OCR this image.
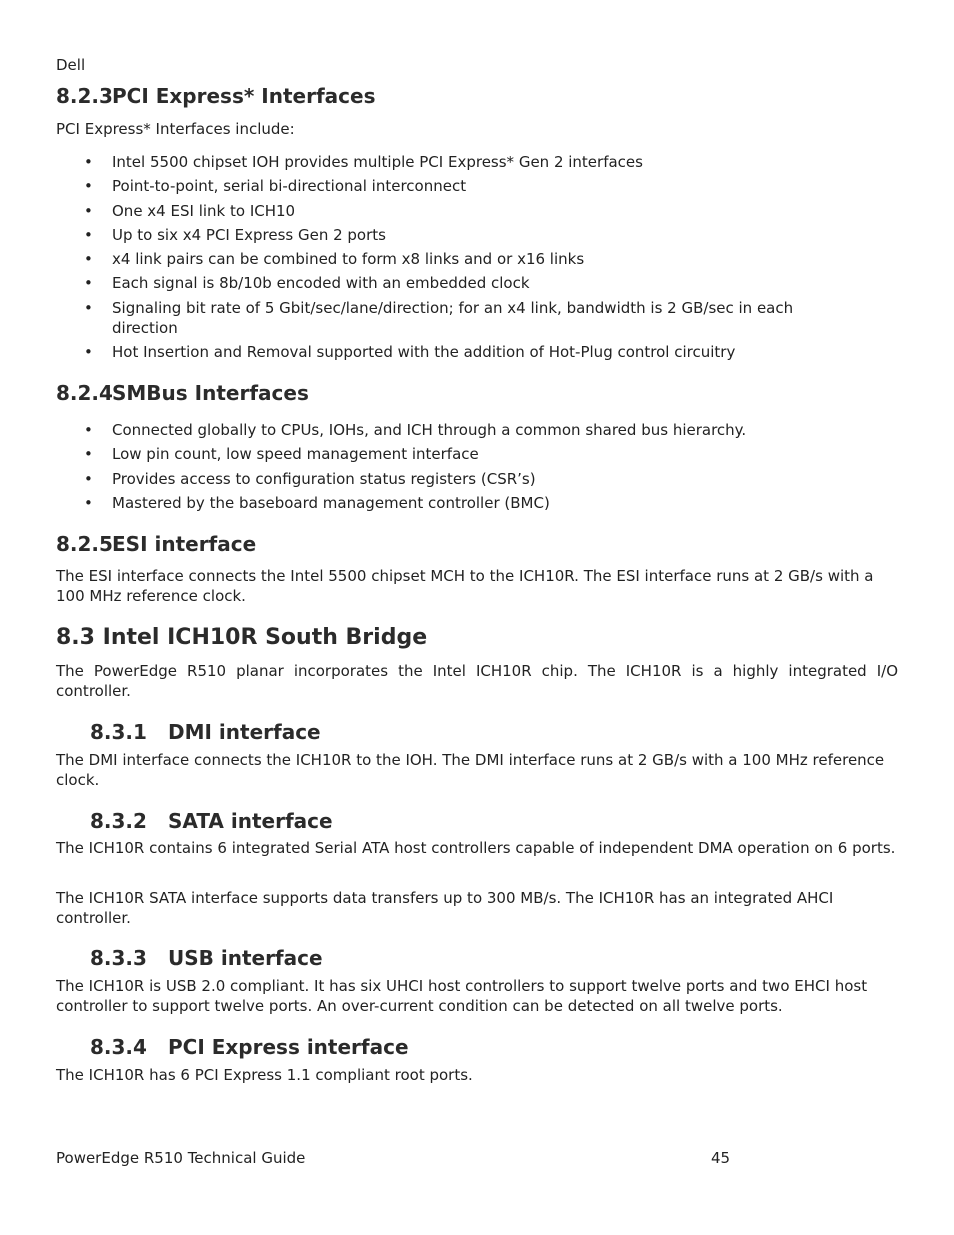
Dell
8.2.3PCI Express* Interfaces
PCI Express* Interfaces include:
• Intel 5500 chipset IOH provides multiple PCI Express* Gen 2 interfaces
• Point-to-point, serial bi-directional interconnect
• One x4 ESI link to ICH10
• Up to six x4 PCI Express Gen 2 ports
• x4 link pairs can be combined to form x8 links and or x16 links
• Each signal is 8b/10b encoded with an embedded clock
• Signaling bit rate of 5 Gbit/sec/lane/direction; for an x4 link, bandwidth is 2 GB/sec in each direction
• Hot Insertion and Removal supported with the addition of Hot-Plug control circuitry
8.2.4SMBus Interfaces
• Connected globally to CPUs, IOHs, and ICH through a common shared bus hierarchy.
• Low pin count, low speed management interface
• Provides access to configuration status registers (CSR’s)
• Mastered by the baseboard management controller (BMC)
8.2.5ESI interface
The ESI interface connects the Intel 5500 chipset MCH to the ICH10R. The ESI interface runs at 2 GB/s with a 100 MHz reference clock.
8.3 Intel ICH10R South Bridge
The PowerEdge R510 planar incorporates the Intel ICH10R chip. The ICH10R is a highly integrated I/O controller.
8.3.1 DMI interface
The DMI interface connects the ICH10R to the IOH. The DMI interface runs at 2 GB/s with a 100 MHz reference clock.
8.3.2 SATA interface
The ICH10R contains 6 integrated Serial ATA host controllers capable of independent DMA operation on 6 ports.
The ICH10R SATA interface supports data transfers up to 300 MB/s. The ICH10R has an integrated AHCI controller.
8.3.3 USB interface
The ICH10R is USB 2.0 compliant. It has six UHCI host controllers to support twelve ports and two EHCI host controller to support twelve ports. An over-current condition can be detected on all twelve ports.
8.3.4 PCI Express interface
The ICH10R has 6 PCI Express 1.1 compliant root ports.
PowerEdge R510 Technical Guide	45
